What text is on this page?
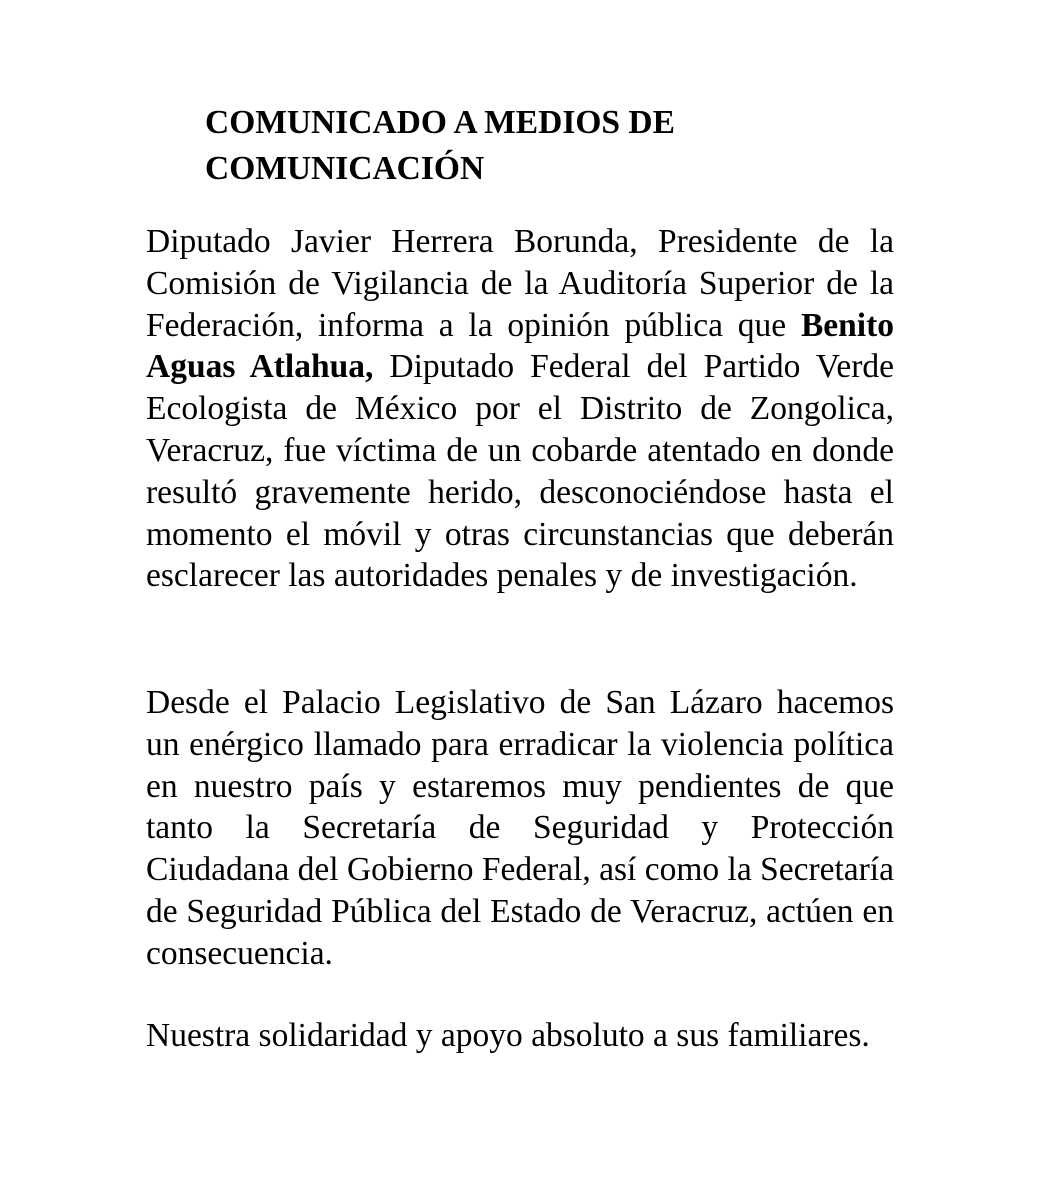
COMUNICADO A MEDIOS DE
COMUNICACIÓN

Diputado Javier Herrera Borunda, Presidente de la Comisión de Vigilancia de la Auditoría Superior de la Federación, informa a la opinión pública que Benito Aguas Atlahua, Diputado Federal del Partido Verde Ecologista de México por el Distrito de Zongolica, Veracruz, fue víctima de un cobarde atentado en donde resultó gravemente herido, desconociéndose hasta el momento el móvil y otras circunstancias que deberán esclarecer las autoridades penales y de investigación.

Desde el Palacio Legislativo de San Lázaro hacemos un enérgico llamado para erradicar la violencia política en nuestro país y estaremos muy pendientes de que tanto la Secretaría de Seguridad y Protección Ciudadana del Gobierno Federal, así como la Secretaría de Seguridad Pública del Estado de Veracruz, actúen en consecuencia.

Nuestra solidaridad y apoyo absoluto a sus familiares.
